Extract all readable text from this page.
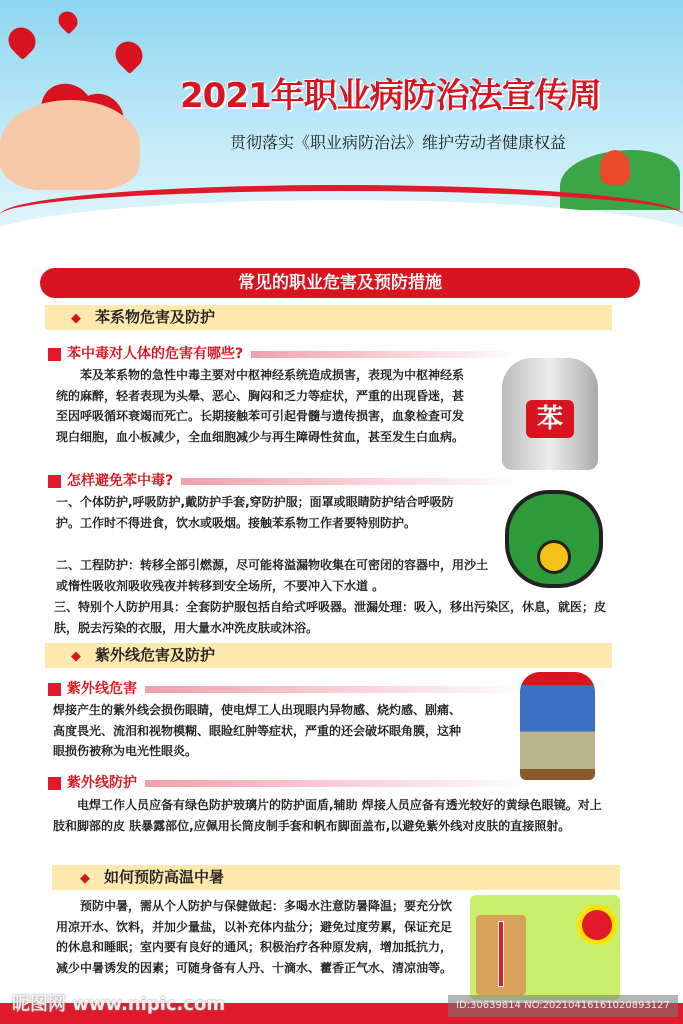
2021年职业病防治法宣传周
贯彻落实《职业病防治法》维护劳动者健康权益
常见的职业危害及预防措施
◆ 苯系物危害及防护
苯中毒对人体的危害有哪些?
苯及苯系物的急性中毒主要对中枢神经系统造成损害，表现为中枢神经系统的麻醉，轻者表现为头晕、恶心、胸闷和乏力等症状，严重的出现昏迷，甚至因呼吸循环衰竭而死亡。长期接触苯可引起骨髓与遗传损害，血象检查可发现白细胞，血小板减少，全血细胞减少与再生障碍性贫血，甚至发生白血病。
苯
怎样避免苯中毒?
一、个体防护,呼吸防护,戴防护手套,穿防护服；面罩或眼睛防护结合呼吸防护。工作时不得进食，饮水或吸烟。接触苯系物工作者要特别防护。
二、工程防护：转移全部引燃源，尽可能将溢漏物收集在可密闭的容器中，用沙土或惰性吸收剂吸收残夜并转移到安全场所，不要冲入下水道 。
三、特别个人防护用具：全套防护服包括自给式呼吸器。泄漏处理：吸入，移出污染区，休息，就医；皮肤，脱去污染的衣服，用大量水冲洗皮肤或沐浴。
◆ 紫外线危害及防护
紫外线危害
焊接产生的紫外线会损伤眼睛，使电焊工人出现眼内异物感、烧灼感、剧痛、高度畏光、流泪和视物模糊、眼睑红肿等症状，严重的还会破坏眼角膜，这种眼损伤被称为电光性眼炎。
紫外线防护
电焊工作人员应备有绿色防护玻璃片的防护面盾,辅助 焊接人员应备有透光较好的黄绿色眼镜。对上肢和脚部的皮 肤暴露部位,应佩用长筒皮制手套和帆布脚面盖布,以避免紫外线对皮肤的直接照射。
◆ 如何预防高温中暑
预防中暑，需从个人防护与保健做起：多喝水注意防暑降温；要充分饮用凉开水、饮料，并加少量盐，以补充体内盐分；避免过度劳累，保证充足的休息和睡眠；室内要有良好的通风；积极治疗各种原发病，增加抵抗力，减少中暑诱发的因素；可随身备有人丹、十滴水、藿香正气水、清凉油等。
昵图网 www.nipic.com	ID:30639814 NO:20210416161020893127
